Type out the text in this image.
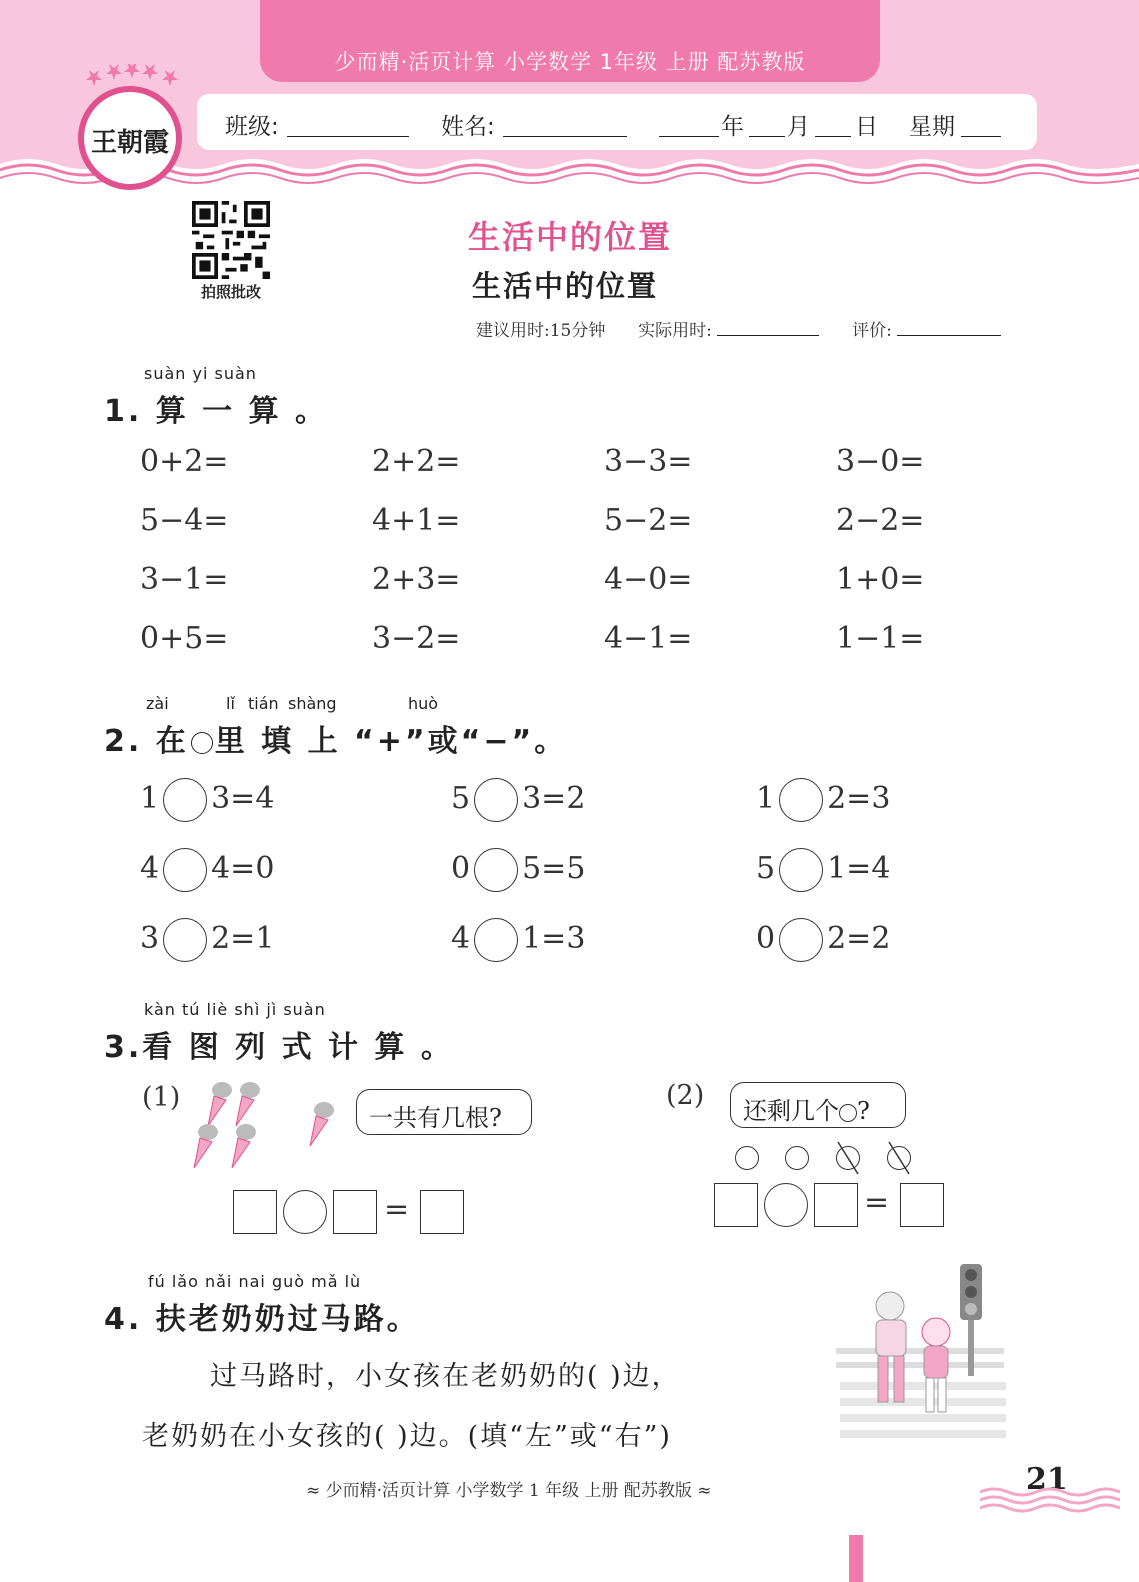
少而精·活页计算 小学数学 1年级 上册 配苏教版
班级:	姓名:	年 月 日 星期
王朝霞
拍照批改
生活中的位置
生活中的位置
建议用时:15分钟 实际用时:	评价:
suàn yi suàn
1. 算 一 算 。
0+2=	2+2=	3−3=	3−0=
5−4=	4+1=	5−2=	2−2=
3−1=	2+3=	4−0=	1+0=
0+5=	3−2=	4−1=	1−1=
zài	lǐ tián shàng	huò
2. 在 里 填 上 “+”或“−”。
1 3=4	5 3=2	1 2=3
4 4=0	0 5=5	5 1=4
3 2=1	4 1=3	0 2=2
kàn tú liè shì jì suàn
3.看 图 列 式 计 算 。
(1)
一共有几根?
=
(2)	还剩几个 ?
=
fú lǎo nǎi nai guò mǎ lù
4. 扶老奶奶过马路。
过马路时，小女孩在老奶奶的( )边，
老奶奶在小女孩的( )边。(填“左”或“右”)
≈ 少而精·活页计算 小学数学 1 年级 上册 配苏教版 ≈	21
